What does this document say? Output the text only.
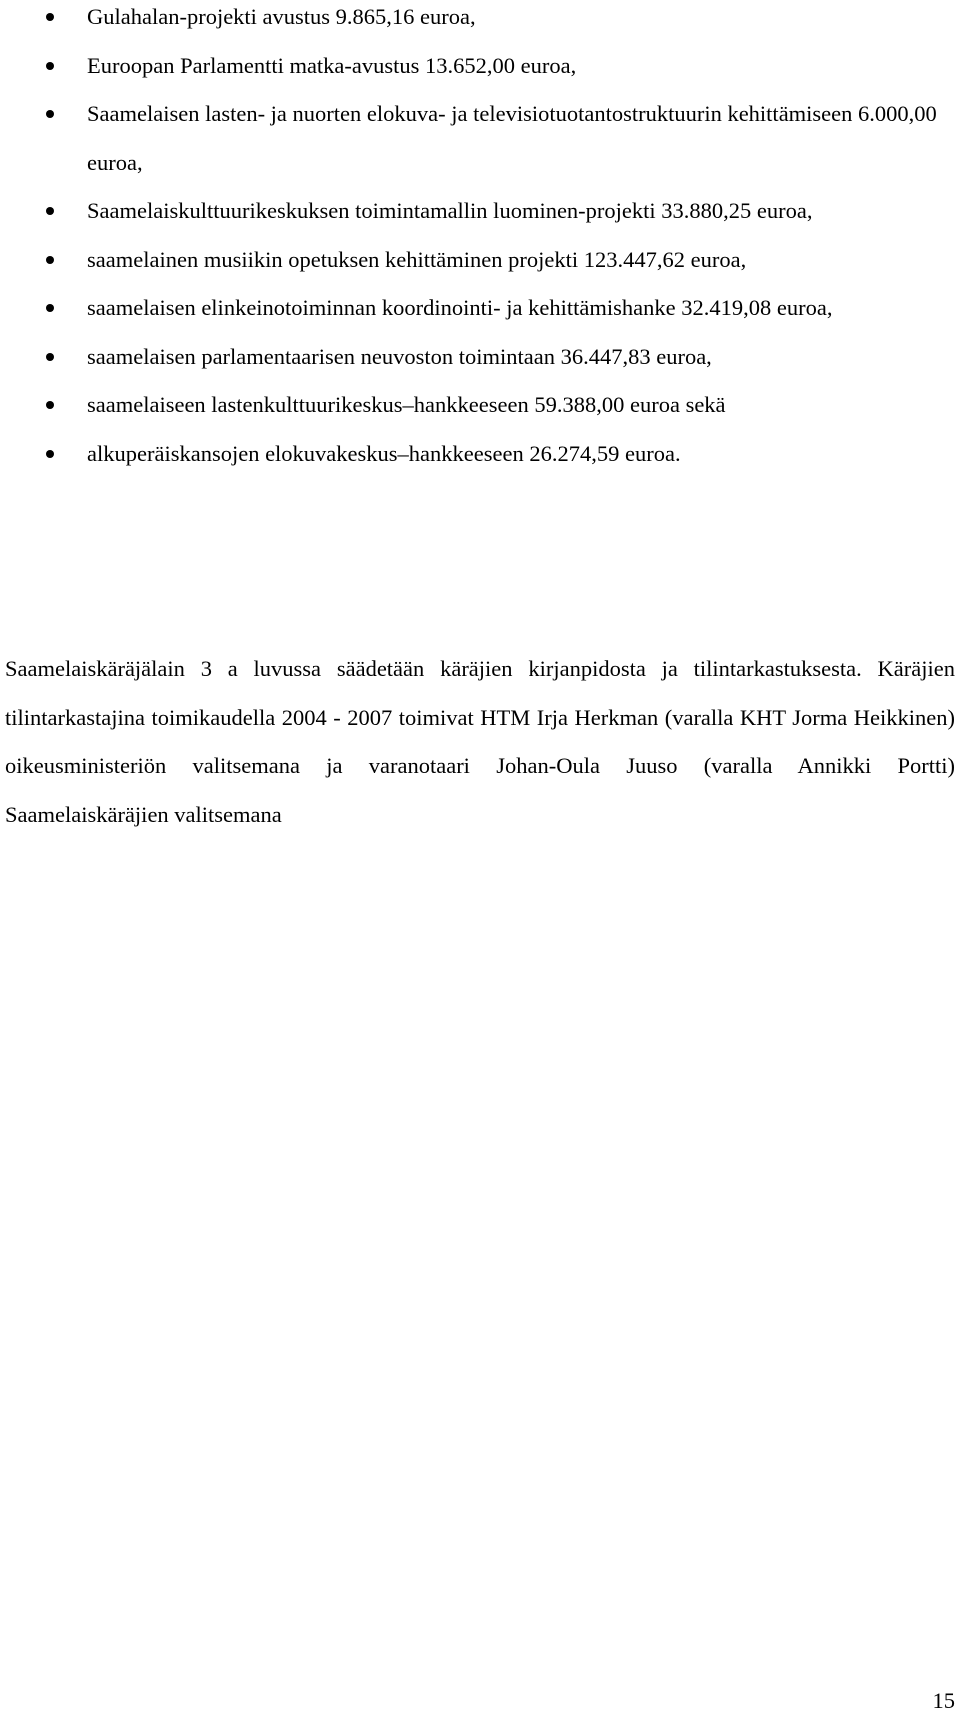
Gulahalan-projekti avustus 9.865,16 euroa,
Euroopan Parlamentti matka-avustus 13.652,00 euroa,
Saamelaisen lasten- ja nuorten elokuva- ja televisiotuotantostruktuurin kehittämiseen 6.000,00 euroa,
Saamelaiskulttuurikeskuksen toimintamallin luominen-projekti 33.880,25 euroa,
saamelainen musiikin opetuksen kehittäminen projekti 123.447,62 euroa,
saamelaisen elinkeinotoiminnan koordinointi- ja kehittämishanke 32.419,08 euroa,
saamelaisen parlamentaarisen neuvoston toimintaan 36.447,83 euroa,
saamelaiseen lastenkulttuurikeskus–hankkeeseen 59.388,00 euroa sekä
alkuperäiskansojen elokuvakeskus–hankkeeseen 26.274,59 euroa.

Saamelaiskäräjälain 3 a luvussa säädetään käräjien kirjanpidosta ja tilintarkastuksesta. Käräjien tilintarkastajina toimikaudella 2004 - 2007 toimivat HTM Irja Herkman (varalla KHT Jorma Heikkinen) oikeusministeriön valitsemana ja varanotaari Johan-Oula Juuso (varalla Annikki Portti) Saamelaiskäräjien valitsemana

15
